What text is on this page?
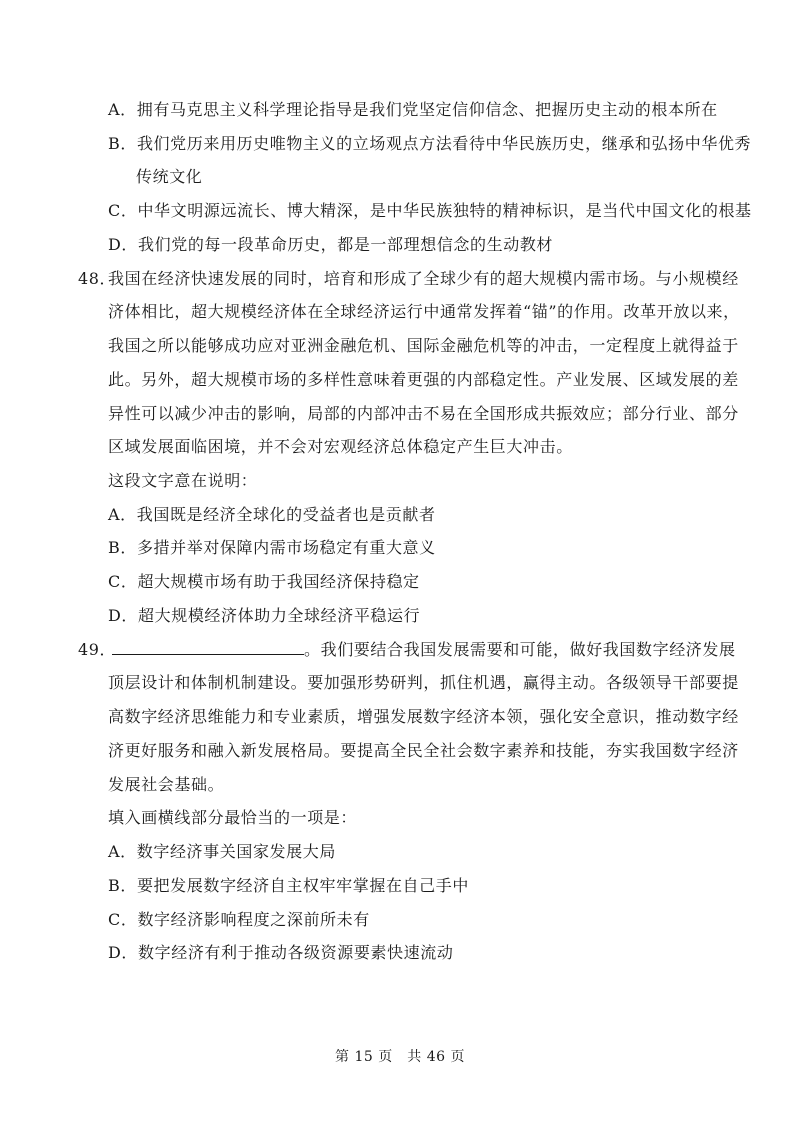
A．拥有马克思主义科学理论指导是我们党坚定信仰信念、把握历史主动的根本所在
B．我们党历来用历史唯物主义的立场观点方法看待中华民族历史，继承和弘扬中华优秀
传统文化
C．中华文明源远流长、博大精深，是中华民族独特的精神标识，是当代中国文化的根基
D．我们党的每一段革命历史，都是一部理想信念的生动教材
48．
我国在经济快速发展的同时，培育和形成了全球少有的超大规模内需市场。与小规模经
济体相比，超大规模经济体在全球经济运行中通常发挥着“锚”的作用。改革开放以来，
我国之所以能够成功应对亚洲金融危机、国际金融危机等的冲击，一定程度上就得益于
此。另外，超大规模市场的多样性意味着更强的内部稳定性。产业发展、区域发展的差
异性可以减少冲击的影响，局部的内部冲击不易在全国形成共振效应；部分行业、部分
区域发展面临困境，并不会对宏观经济总体稳定产生巨大冲击。
这段文字意在说明：
A．我国既是经济全球化的受益者也是贡献者
B．多措并举对保障内需市场稳定有重大意义
C．超大规模市场有助于我国经济保持稳定
D．超大规模经济体助力全球经济平稳运行
49．	。我们要结合我国发展需要和可能，做好我国数字经济发展
顶层设计和体制机制建设。要加强形势研判，抓住机遇，赢得主动。各级领导干部要提
高数字经济思维能力和专业素质，增强发展数字经济本领，强化安全意识，推动数字经
济更好服务和融入新发展格局。要提高全民全社会数字素养和技能，夯实我国数字经济
发展社会基础。
填入画横线部分最恰当的一项是：
A．数字经济事关国家发展大局
B．要把发展数字经济自主权牢牢掌握在自己手中
C．数字经济影响程度之深前所未有
D．数字经济有利于推动各级资源要素快速流动
第 15 页　共 46 页
